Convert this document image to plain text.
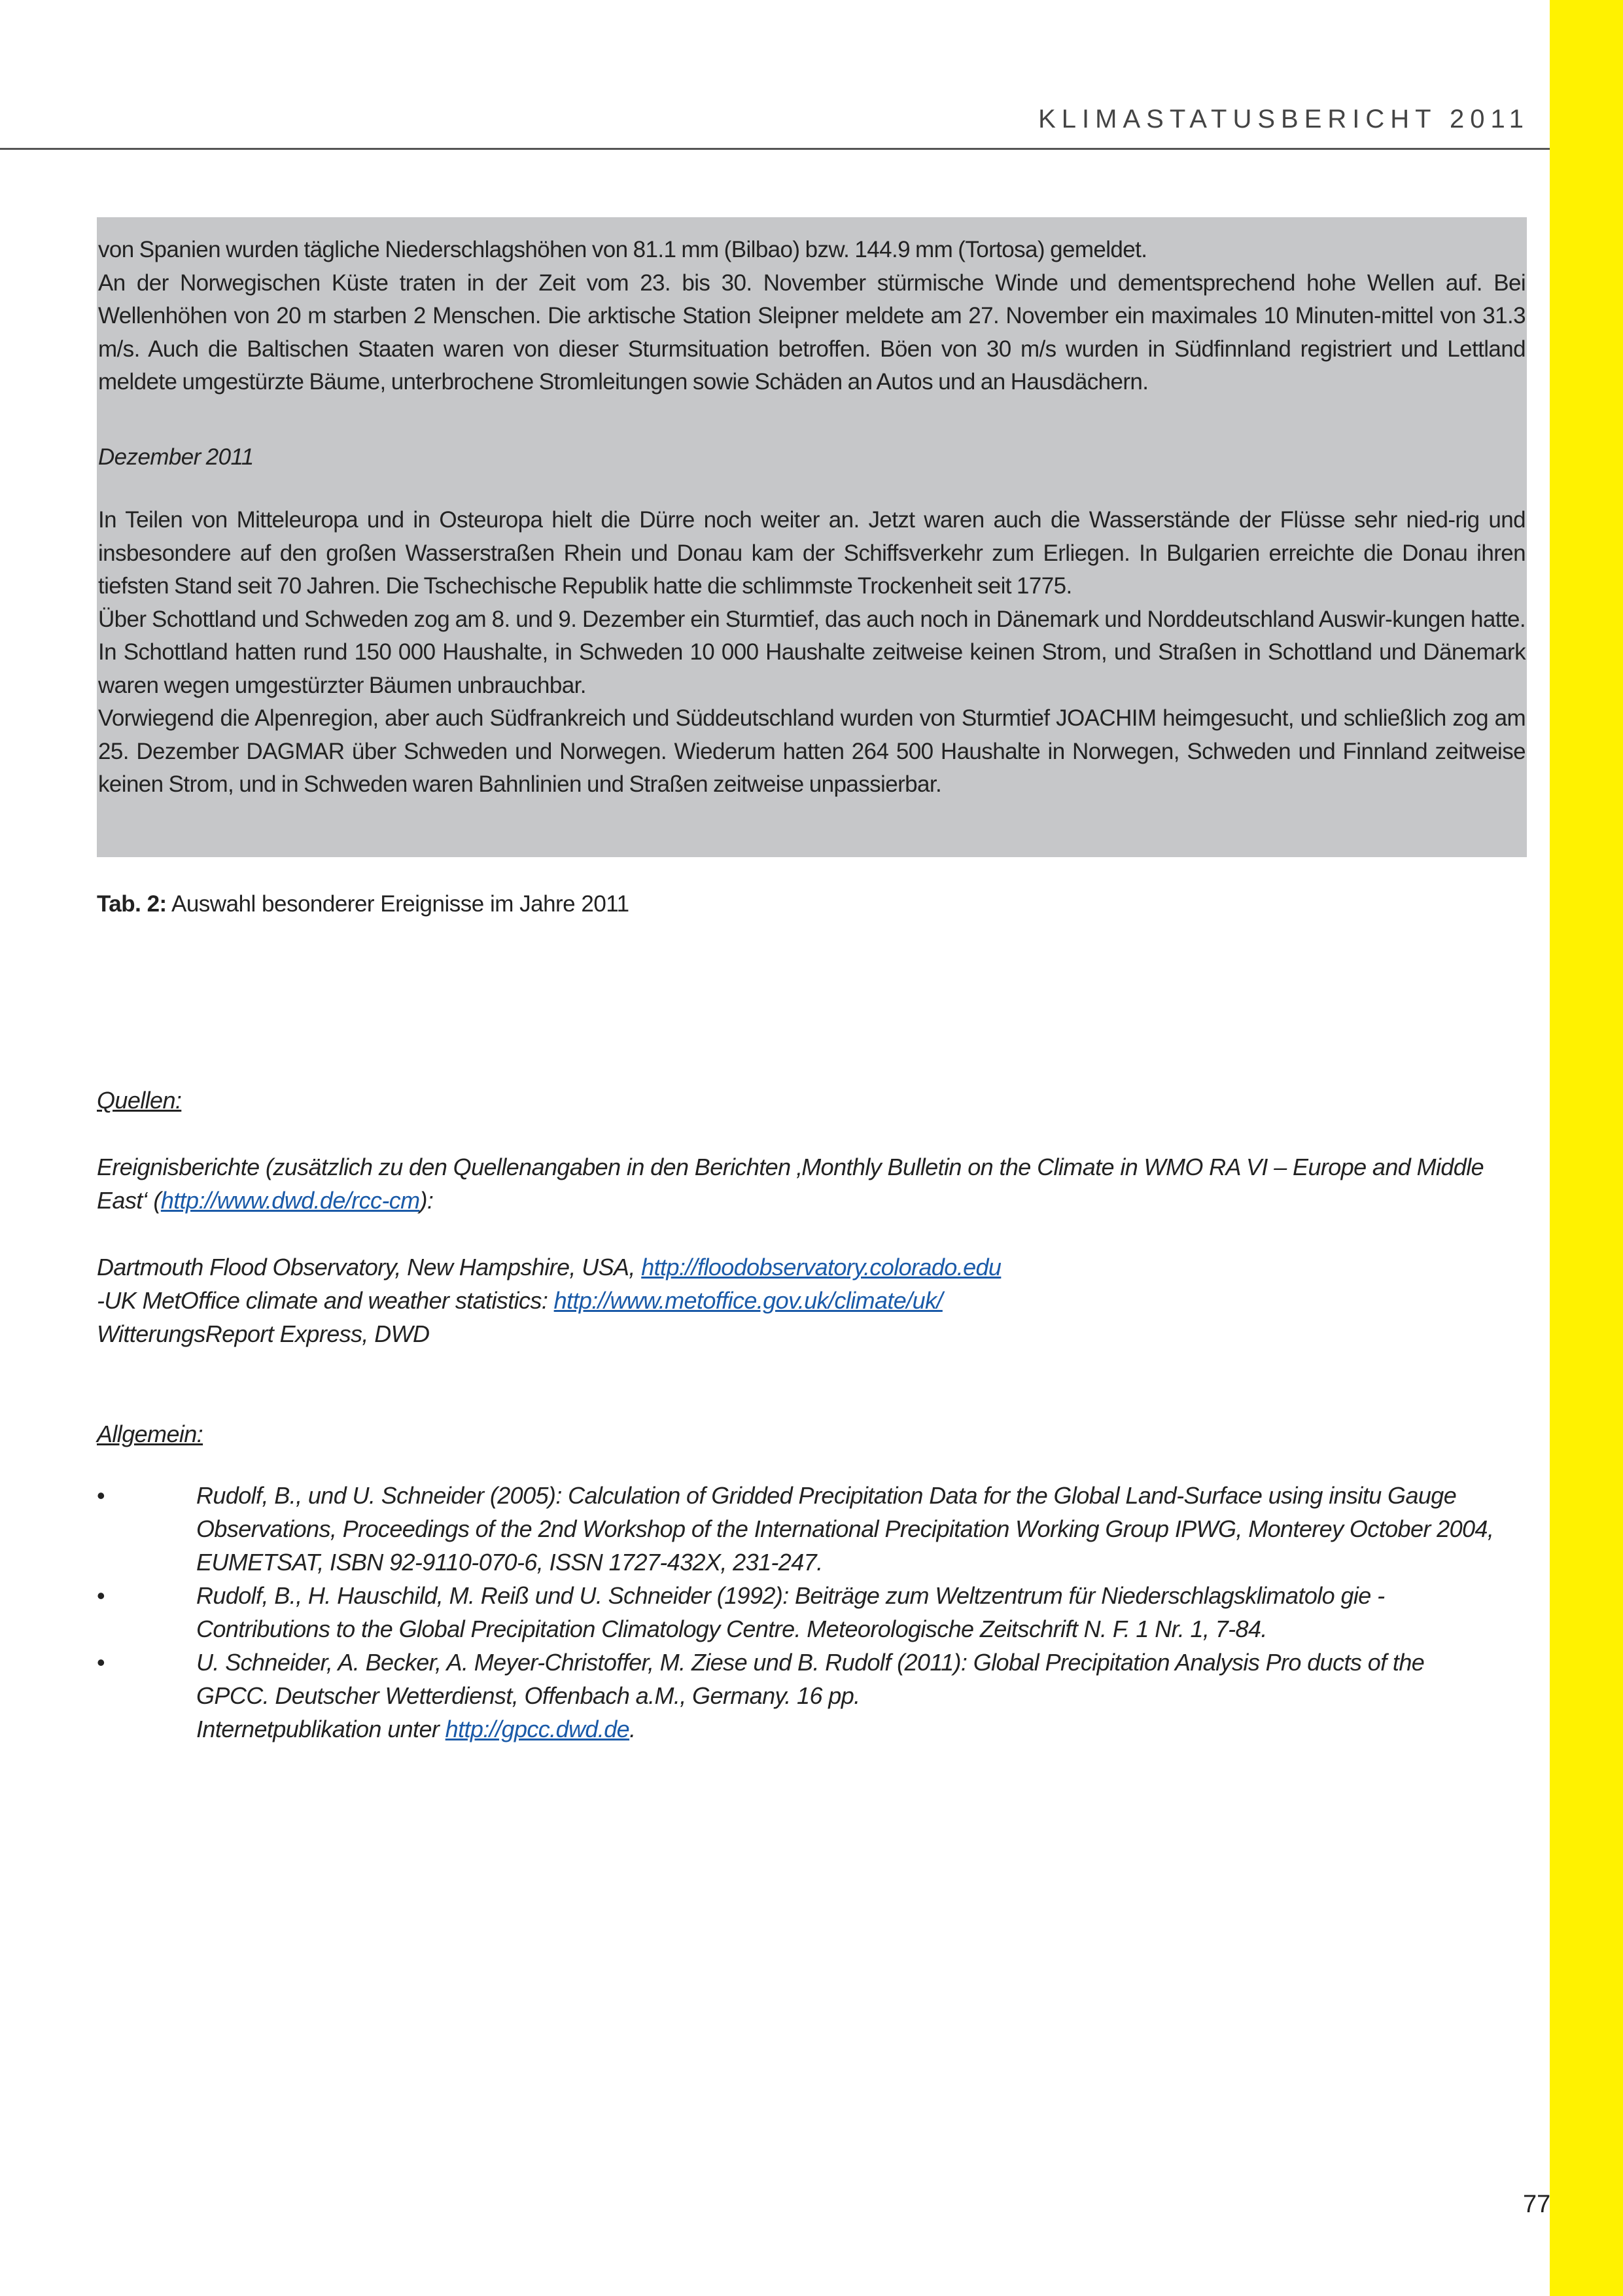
KLIMASTATUSBERICHT 2011

von Spanien wurden tägliche Niederschlagshöhen von 81.1 mm (Bilbao) bzw. 144.9 mm (Tortosa) gemeldet.

An der Norwegischen Küste traten in der Zeit vom 23. bis 30. November stürmische Winde und dementsprechend hohe Wellen auf. Bei Wellenhöhen von 20 m starben 2 Menschen. Die arktische Station Sleipner meldete am 27. November ein maximales 10 Minuten-mittel von 31.3 m/s. Auch die Baltischen Staaten waren von dieser Sturmsituation betroffen. Böen von 30 m/s wurden in Südfinnland registriert und Lettland meldete umgestürzte Bäume, unterbrochene Stromleitungen sowie Schäden an Autos und an Hausdächern.

Dezember 2011

In Teilen von Mitteleuropa und in Osteuropa hielt die Dürre noch weiter an. Jetzt waren auch die Wasserstände der Flüsse sehr nied-rig und insbesondere auf den großen Wasserstraßen Rhein und Donau kam der Schiffsverkehr zum Erliegen. In Bulgarien erreichte die Donau ihren tiefsten Stand seit 70 Jahren. Die Tschechische Republik hatte die schlimmste Trockenheit seit 1775.

Über Schottland und Schweden zog am 8. und 9. Dezember ein Sturmtief, das auch noch in Dänemark und Norddeutschland Auswir-kungen hatte. In Schottland hatten rund 150 000 Haushalte, in Schweden 10 000 Haushalte zeitweise keinen Strom, und Straßen in Schottland und Dänemark waren wegen umgestürzter Bäumen unbrauchbar.

Vorwiegend die Alpenregion, aber auch Südfrankreich und Süddeutschland wurden von Sturmtief JOACHIM heimgesucht, und schließlich zog am 25. Dezember DAGMAR über Schweden und Norwegen. Wiederum hatten 264 500 Haushalte in Norwegen, Schweden und Finnland zeitweise keinen Strom, und in Schweden waren Bahnlinien und Straßen zeitweise unpassierbar.

Tab. 2: Auswahl besonderer Ereignisse im Jahre 2011

Quellen:

Ereignisberichte (zusätzlich zu den Quellenangaben in den Berichten ‚Monthly Bulletin on the Climate in WMO RA VI – Europe and Middle East‘ (http://www.dwd.de/rcc-cm):

Dartmouth Flood Observatory, New Hampshire, USA, http://floodobservatory.colorado.edu

-UK MetOffice climate and weather statistics: http://www.metoffice.gov.uk/climate/uk/

WitterungsReport Express, DWD

Allgemein:

•	Rudolf, B., und U. Schneider (2005): Calculation of Gridded Precipitation Data for the Global Land-Surface using insitu Gauge Observations, Proceedings of the 2nd Workshop of the International Precipitation Working Group IPWG, Monterey October 2004, EUMETSAT, ISBN 92-9110-070-6, ISSN 1727-432X, 231-247.

•	Rudolf, B., H. Hauschild, M. Reiß und U. Schneider (1992): Beiträge zum Weltzentrum für Niederschlagsklimatolo gie - Contributions to the Global Precipitation Climatology Centre. Meteorologische Zeitschrift N. F. 1 Nr. 1, 7-84.

•	U. Schneider, A. Becker, A. Meyer-Christoffer, M. Ziese und B. Rudolf (2011): Global Precipitation Analysis Pro ducts of the GPCC. Deutscher Wetterdienst, Offenbach a.M., Germany. 16 pp.

Internetpublikation unter http://gpcc.dwd.de.

77
